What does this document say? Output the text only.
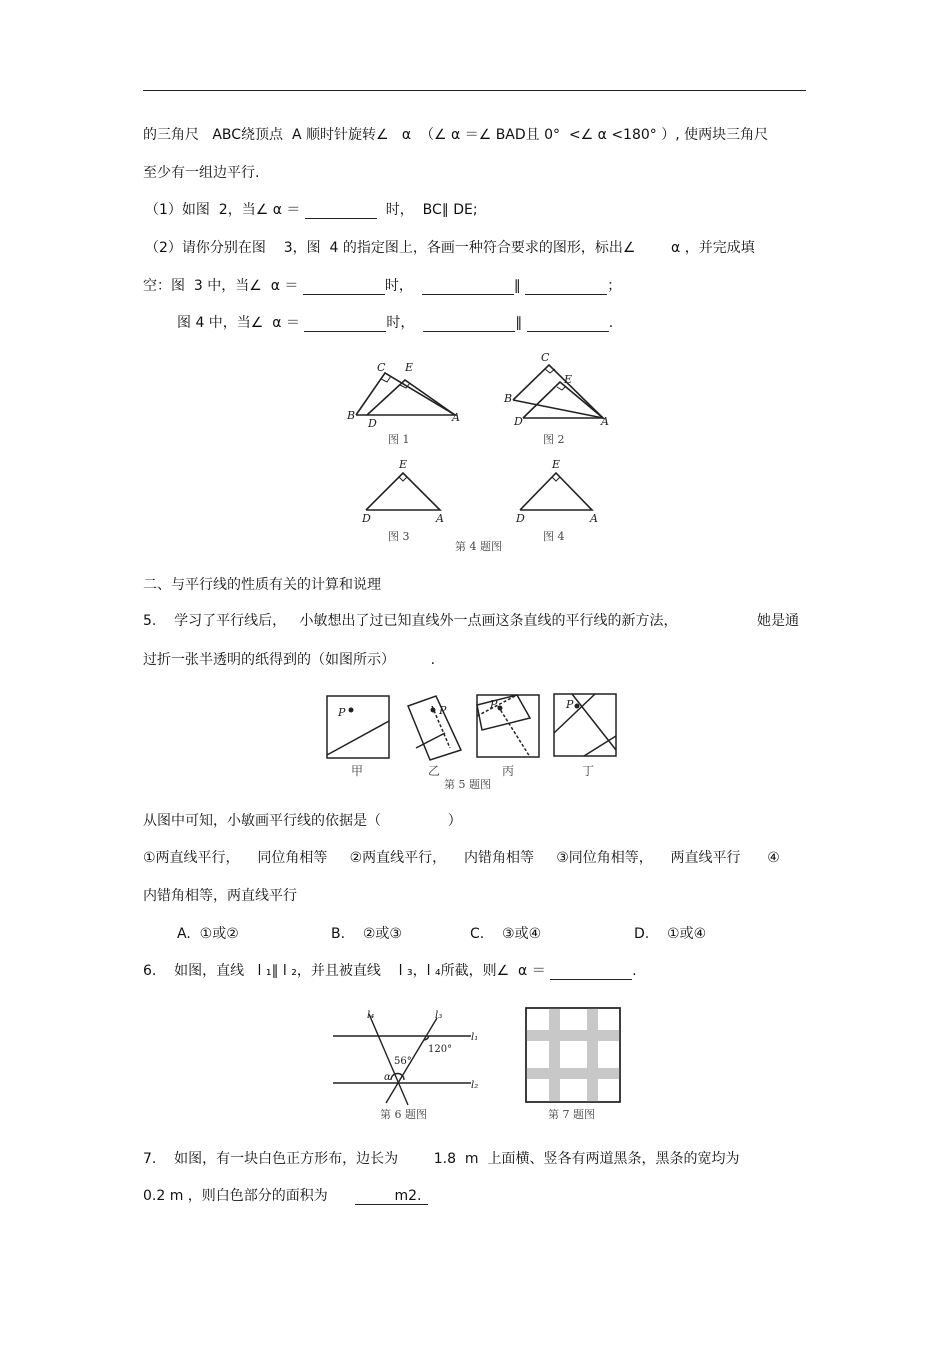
的三角尺   ABC绕顶点  A 顺时针旋转∠   α  （∠ α ＝∠ BAD且 0°  <∠ α <180° ）, 使两块三角尺
至少有一组边平行.
（1）如图  2，当∠ α ＝	时，  BC∥ DE;
（2）请你分别在图    3，图  4 的指定图上，各画一种符合要求的图形，标出∠        α ，并完成填
空：图  3 中，当∠  α ＝	时，	∥	；
图 4 中，当∠  α ＝	时，	∥	.
C E
B
D	A
C
E
B
D	A
E
D	A
E
D	A
图 1	图 2
图 3	图 4
第 4 题图
二、与平行线的性质有关的计算和说理
5.    学习了平行线后，   小敏想出了过已知直线外一点画这条直线的平行线的新方法，	她是通
过折一张半透明的纸得到的（如图所示）        .
P	P	P	P
甲	乙	丙	丁
第 5 题图
从图中可知，小敏画平行线的依据是（               ）
①两直线平行，    同位角相等     ②两直线平行，    内错角相等     ③同位角相等，    两直线平行      ④
内错角相等，两直线平行
A.  ①或②	B.    ②或③	C.    ③或④	D.    ①或④
6.    如图，直线   l ₁∥ l ₂，并且被直线    l ₃，l ₄所截，则∠  α ＝	.
l₄	l₃
l₁
l₂
α
56°
120°
第 6 题图	第 7 题图
7.    如图，有一块白色正方形布，边长为        1.8  m  上面横、竖各有两道黑条，黑条的宽均为
0.2 m ，则白色部分的面积为	m2.
